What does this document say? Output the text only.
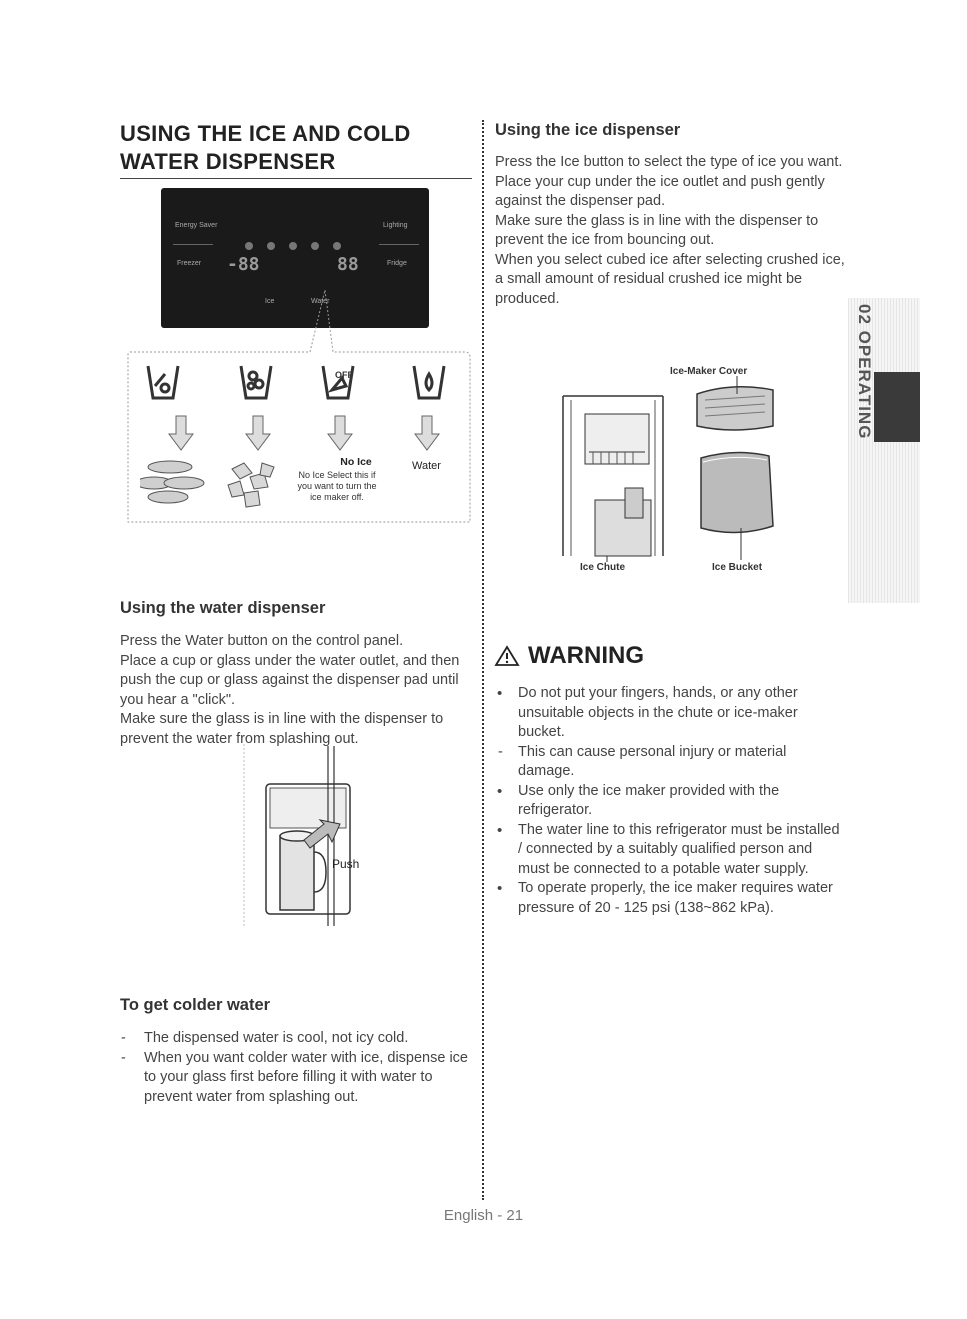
USING THE ICE AND COLD
WATER DISPENSER
Energy Saver	Lighting
Freezer	Fridge
-88	88
Ice	Water
OFF
No Ice
No Ice Select this if
you want to turn the
ice maker off.
Water
Using the water dispenser

Press the Water button on the control panel.

Place a cup or glass under the water outlet, and then push the cup or glass against the dispenser pad until you hear a "click".

Make sure the glass is in line with the dispenser to prevent the water from splashing out.

Push
To get colder water
- The dispensed water is cool, not icy cold.
- When you want colder water with ice, dispense ice to your glass first before filling it with water to prevent water from splashing out.
Using the ice dispenser

Press the Ice button to select the type of ice you want.

Place your cup under the ice outlet and push gently against the dispenser pad.

Make sure the glass is in line with the dispenser to prevent the ice from bouncing out.

When you select cubed ice after selecting crushed ice, a small amount of residual crushed ice might be produced.

Ice-Maker Cover
Ice Chute	Ice Bucket
WARNING
• Do not put your fingers, hands, or any other unsuitable objects in the chute or ice-maker bucket.
- This can cause personal injury or material damage.
• Use only the ice maker provided with the refrigerator.
• The water line to this refrigerator must be installed / connected by a suitably qualified person and must be connected to a potable water supply.
• To operate properly, the ice maker requires water pressure of 20 - 125 psi (138~862 kPa).
02 OPERATING
English - 21
